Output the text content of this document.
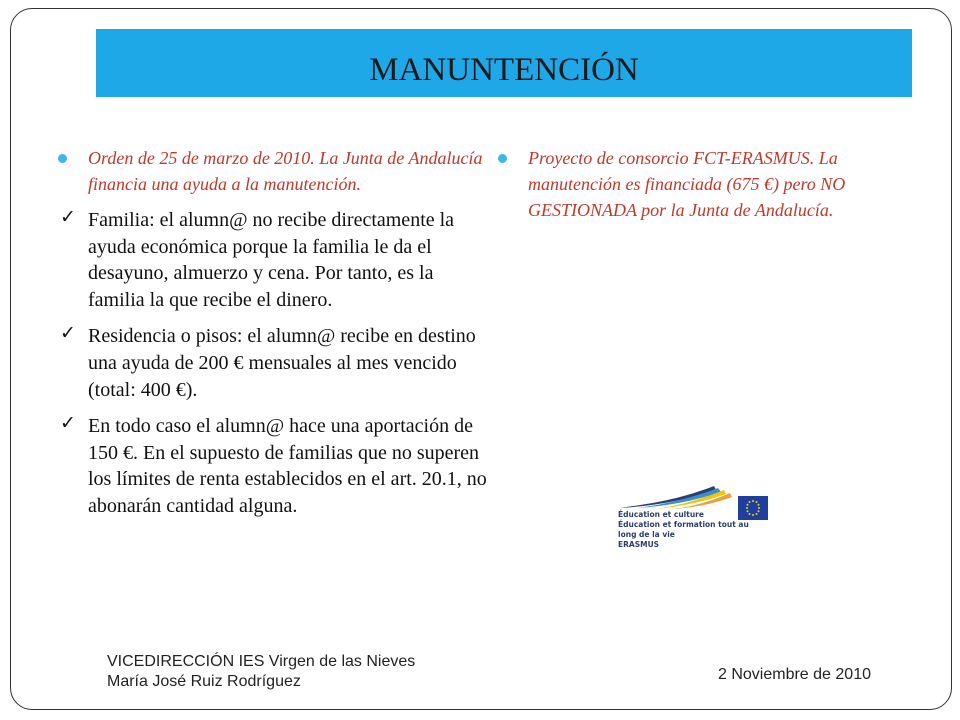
MANUNTENCIÓN
Orden de 25 de marzo de 2010. La Junta de Andalucía financia una ayuda a la manutención.
✓ Familia: el alumn@ no recibe directamente la ayuda económica porque la familia le da el desayuno, almuerzo y cena. Por tanto, es la familia la que recibe el dinero.
✓ Residencia o pisos: el alumn@ recibe en destino una ayuda de 200 € mensuales al mes vencido (total: 400 €).
✓ En todo caso el alumn@ hace una aportación de 150 €. En el supuesto de familias que no superen los límites de renta establecidos en el art. 20.1, no abonarán cantidad alguna.
Proyecto de consorcio FCT-ERASMUS. La manutención es financiada (675 €) pero NO GESTIONADA por la Junta de Andalucía.
Éducation et culture
Éducation et formation tout au
long de la vie
ERASMUS
VICEDIRECCIÓN IES Virgen de las Nieves
María José Ruiz Rodríguez	2 Noviembre de 2010
